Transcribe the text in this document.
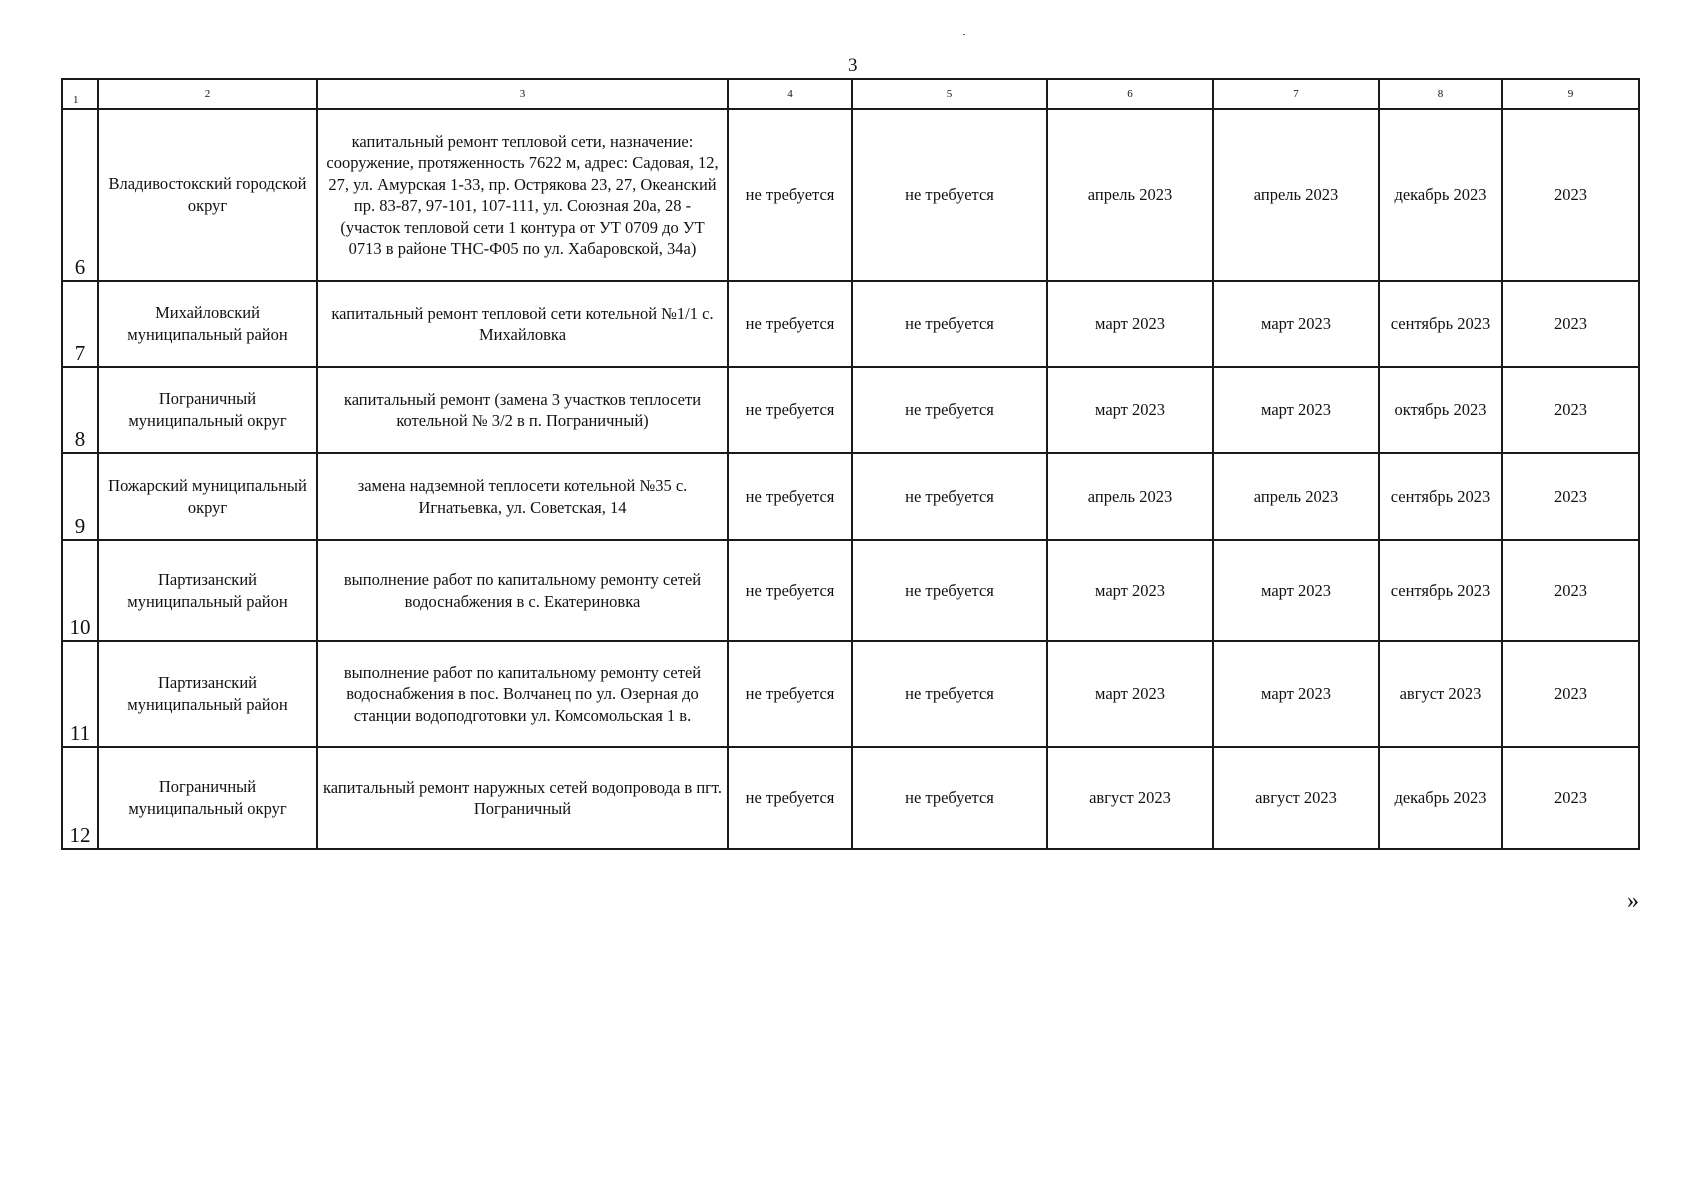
3
1	2	3	4	5	6	7	8	9
6	Владивостокский городской округ	капитальный ремонт тепловой сети, назначение: сооружение, протяженность 7622 м, адрес: Садовая, 12, 27, ул. Амурская 1-33, пр. Острякова 23, 27, Океанский пр. 83-87, 97-101, 107-111, ул. Союзная 20а, 28 - (участок тепловой сети 1 контура от УТ 0709 до УТ 0713 в районе ТНС-Ф05 по ул. Хабаровской, 34а)	не требуется	не требуется	апрель 2023	апрель 2023	декабрь 2023	2023
7	Михайловский муниципальный район	капитальный ремонт тепловой сети котельной №1/1 с. Михайловка	не требуется	не требуется	март 2023	март 2023	сентябрь 2023	2023
8	Пограничный муниципальный округ	капитальный ремонт (замена 3 участков теплосети котельной № 3/2 в п. Пограничный)	не требуется	не требуется	март 2023	март 2023	октябрь 2023	2023
9	Пожарский муниципальный округ	замена надземной теплосети котельной №35 с. Игнатьевка, ул. Советская, 14	не требуется	не требуется	апрель 2023	апрель 2023	сентябрь 2023	2023
10	Партизанский муниципальный район	выполнение работ по капитальному ремонту сетей водоснабжения в с. Екатериновка	не требуется	не требуется	март 2023	март 2023	сентябрь 2023	2023
11	Партизанский муниципальный район	выполнение работ по капитальному ремонту сетей водоснабжения в пос. Волчанец по ул. Озерная до станции водоподготовки ул. Комсомольская 1 в.	не требуется	не требуется	март 2023	март 2023	август 2023	2023
12	Пограничный муниципальный округ	капитальный ремонт наружных сетей водопровода в пгт. Пограничный	не требуется	не требуется	август 2023	август 2023	декабрь 2023	2023
»
